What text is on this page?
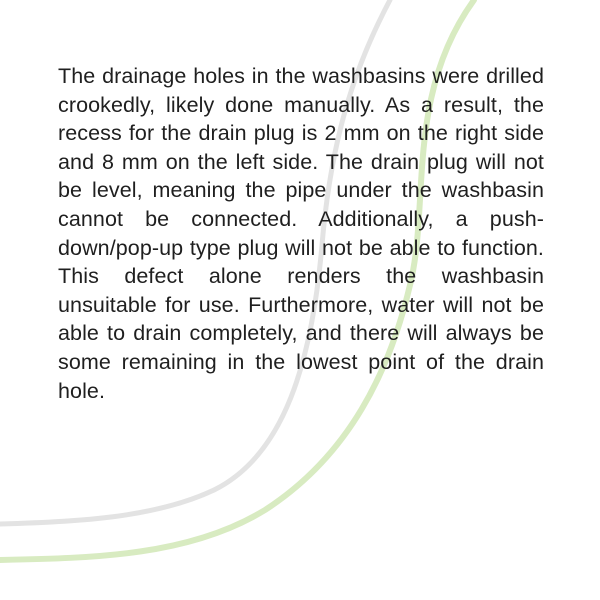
The drainage holes in the washbasins were drilled crookedly, likely done manually. As a result, the recess for the drain plug is 2 mm on the right side and 8 mm on the left side. The drain plug will not be level, meaning the pipe under the washbasin cannot be connected. Additionally, a push-down/pop-up type plug will not be able to function. This defect alone renders the washbasin unsuitable for use. Furthermore, water will not be able to drain completely, and there will always be some remaining in the lowest point of the drain hole.
